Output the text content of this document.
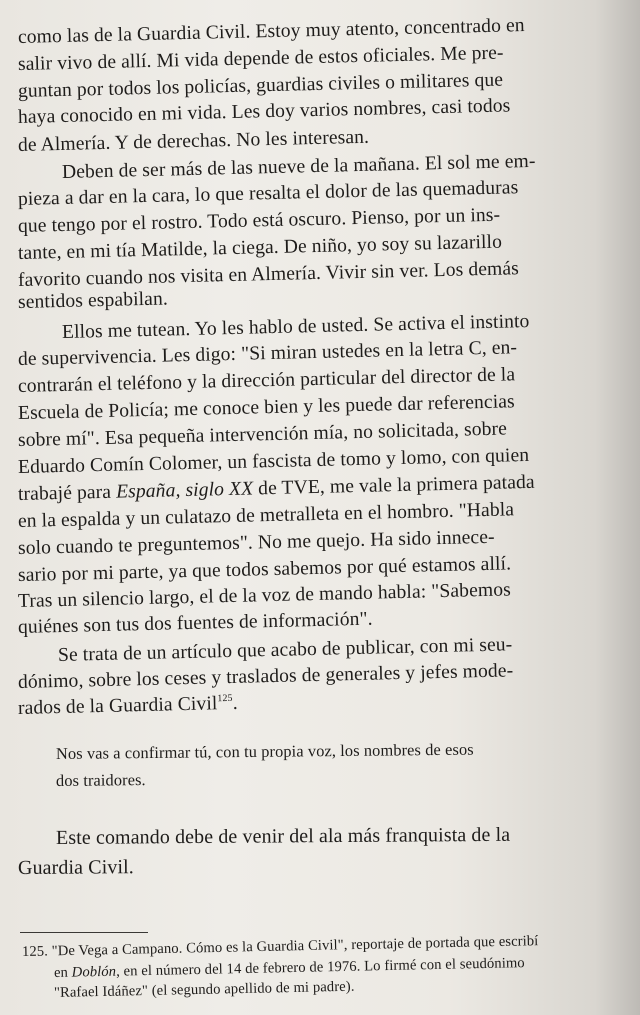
como las de la Guardia Civil. Estoy muy atento, concentrado en
salir vivo de allí. Mi vida depende de estos oficiales. Me pre-
guntan por todos los policías, guardias civiles o militares que
haya conocido en mi vida. Les doy varios nombres, casi todos
de Almería. Y de derechas. No les interesan.
Deben de ser más de las nueve de la mañana. El sol me em-
pieza a dar en la cara, lo que resalta el dolor de las quemaduras
que tengo por el rostro. Todo está oscuro. Pienso, por un ins-
tante, en mi tía Matilde, la ciega. De niño, yo soy su lazarillo
favorito cuando nos visita en Almería. Vivir sin ver. Los demás
sentidos espabilan.
Ellos me tutean. Yo les hablo de usted. Se activa el instinto
de supervivencia. Les digo: "Si miran ustedes en la letra C, en-
contrarán el teléfono y la dirección particular del director de la
Escuela de Policía; me conoce bien y les puede dar referencias
sobre mí". Esa pequeña intervención mía, no solicitada, sobre
Eduardo Comín Colomer, un fascista de tomo y lomo, con quien
trabajé para España, siglo XX de TVE, me vale la primera patada
en la espalda y un culatazo de metralleta en el hombro. "Habla
solo cuando te preguntemos". No me quejo. Ha sido innece-
sario por mi parte, ya que todos sabemos por qué estamos allí.
Tras un silencio largo, el de la voz de mando habla: "Sabemos
quiénes son tus dos fuentes de información".
Se trata de un artículo que acabo de publicar, con mi seu-
dónimo, sobre los ceses y traslados de generales y jefes mode-
rados de la Guardia Civil$^{125}$.
Nos vas a confirmar tú, con tu propia voz, los nombres de esos
dos traidores.
Este comando debe de venir del ala más franquista de la
Guardia Civil.
125. "De Vega a Campano. Cómo es la Guardia Civil", reportaje de portada que escribí
en Doblón, en el número del 14 de febrero de 1976. Lo firmé con el seudónimo
"Rafael Idáñez" (el segundo apellido de mi padre).
